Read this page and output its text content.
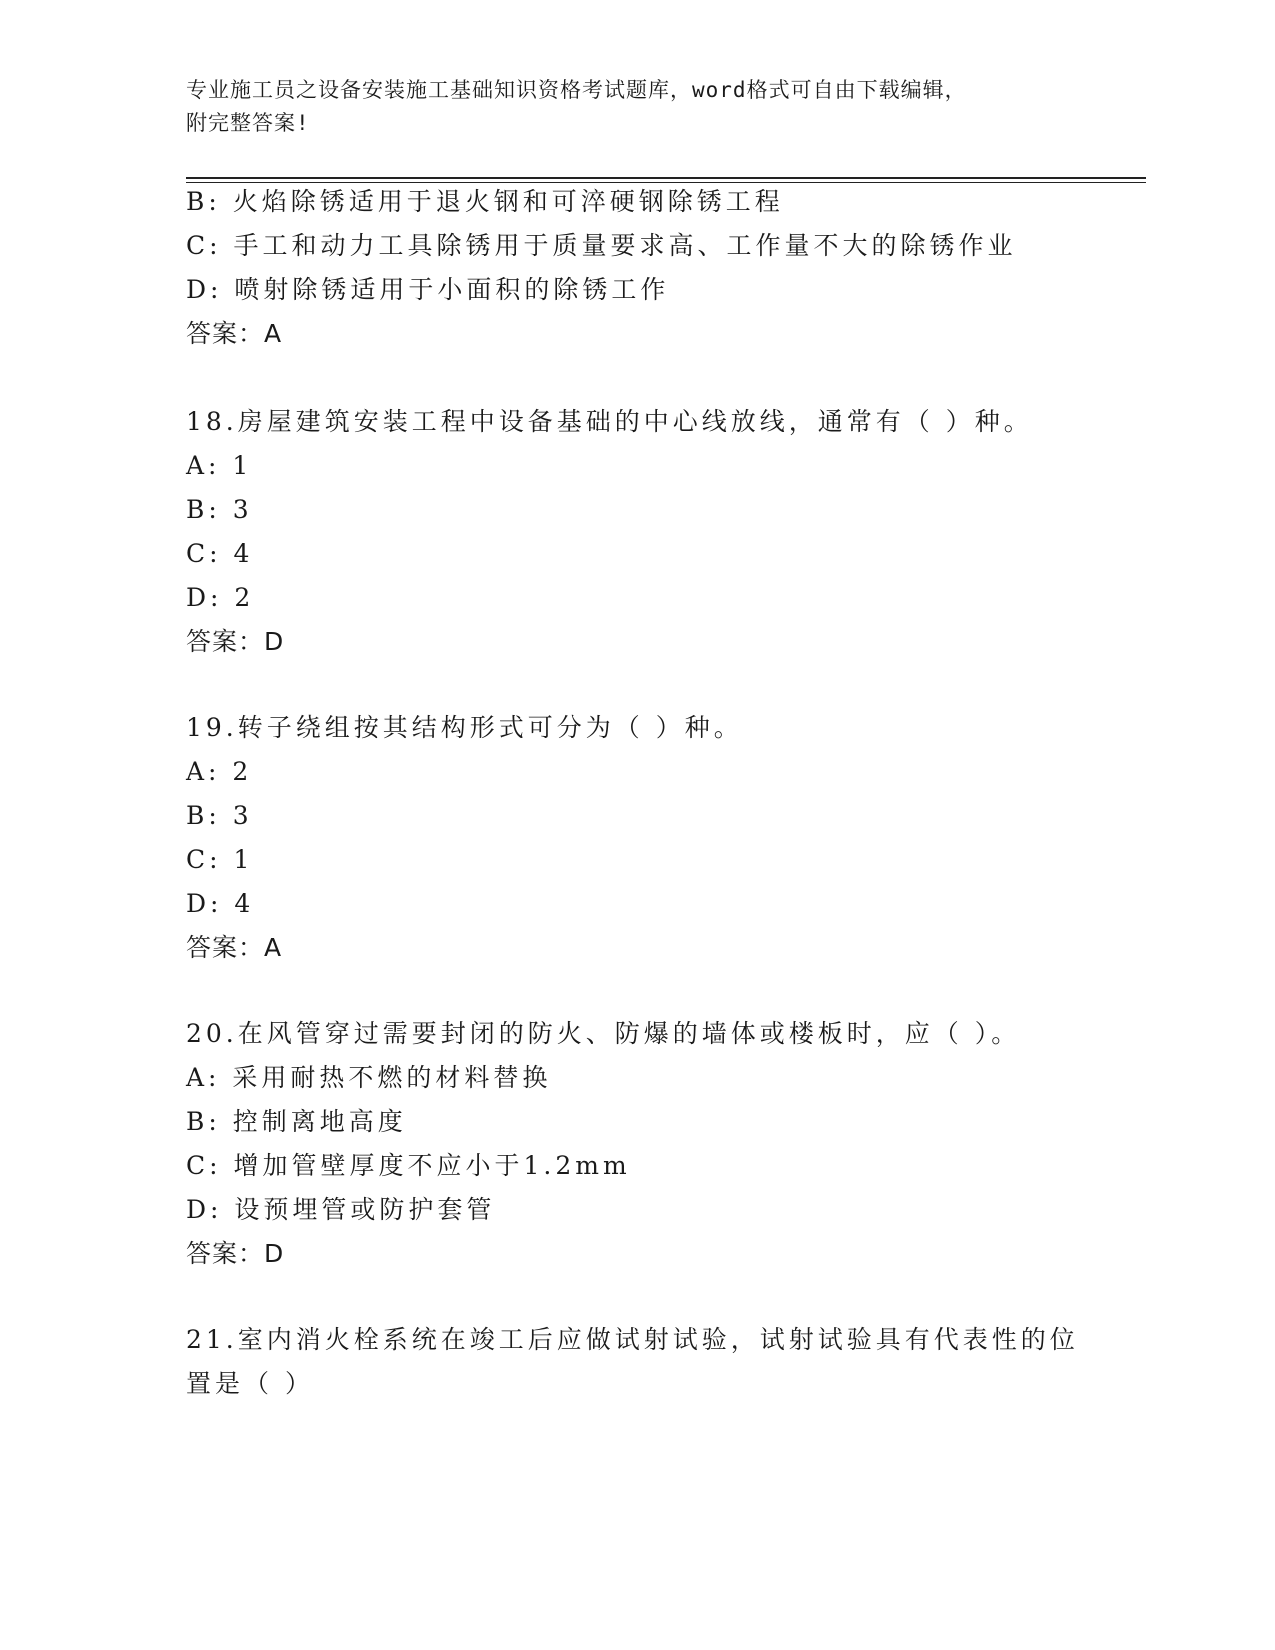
专业施工员之设备安装施工基础知识资格考试题库，word格式可自由下载编辑，
附完整答案!
B: 火焰除锈适用于退火钢和可淬硬钢除锈工程
C: 手工和动力工具除锈用于质量要求高、工作量不大的除锈作业
D: 喷射除锈适用于小面积的除锈工作
答案：A
18.房屋建筑安装工程中设备基础的中心线放线，通常有（ ）种。
A: 1
B: 3
C: 4
D: 2
答案：D
19.转子绕组按其结构形式可分为（ ）种。
A: 2
B: 3
C: 1
D: 4
答案：A
20.在风管穿过需要封闭的防火、防爆的墙体或楼板时，应（ ）。
A: 采用耐热不燃的材料替换
B: 控制离地高度
C: 增加管壁厚度不应小于1.2mm
D: 设预埋管或防护套管
答案：D
21.室内消火栓系统在竣工后应做试射试验，试射试验具有代表性的位
置是（ ）
